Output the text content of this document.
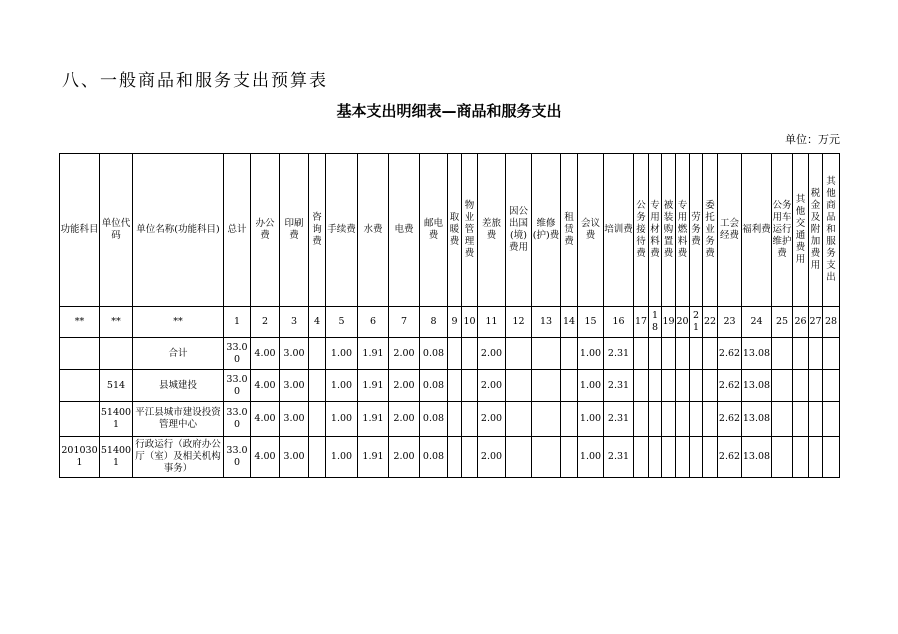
八、一般商品和服务支出预算表
基本支出明细表—商品和服务支出
单位：万元
功能科目	单位代码	单位名称(功能科目)	总计	办公费	印刷费	咨询费	手续费	水费	电费	邮电费	取暖费	物业管理费	差旅费	因公出国(境)费用	维修(护)费	租赁费	会议费	培训费	公务接待费	专用材料费	被装购置费	专用燃料费	劳务费	委托业务费	工会经费	福利费	公务用车运行维护费	其他交通费用	税金及附加费用	其他商品和服务支出
**	**	**	1	2	3	4	5	6	7	8	9	10	11	12	13	14	15	16	17	18	19	20	21	22	23	24	25	26	27	28
		合计	33.00	4.00	3.00		1.00	1.91	2.00	0.08			2.00				1.00	2.31							2.62	13.08				
	514	县城建投	33.00	4.00	3.00		1.00	1.91	2.00	0.08			2.00				1.00	2.31							2.62	13.08				
	514001	平江县城市建设投资管理中心	33.00	4.00	3.00		1.00	1.91	2.00	0.08			2.00				1.00	2.31							2.62	13.08				
2010301	514001	行政运行（政府办公厅（室）及相关机构事务）	33.00	4.00	3.00		1.00	1.91	2.00	0.08			2.00				1.00	2.31							2.62	13.08				
